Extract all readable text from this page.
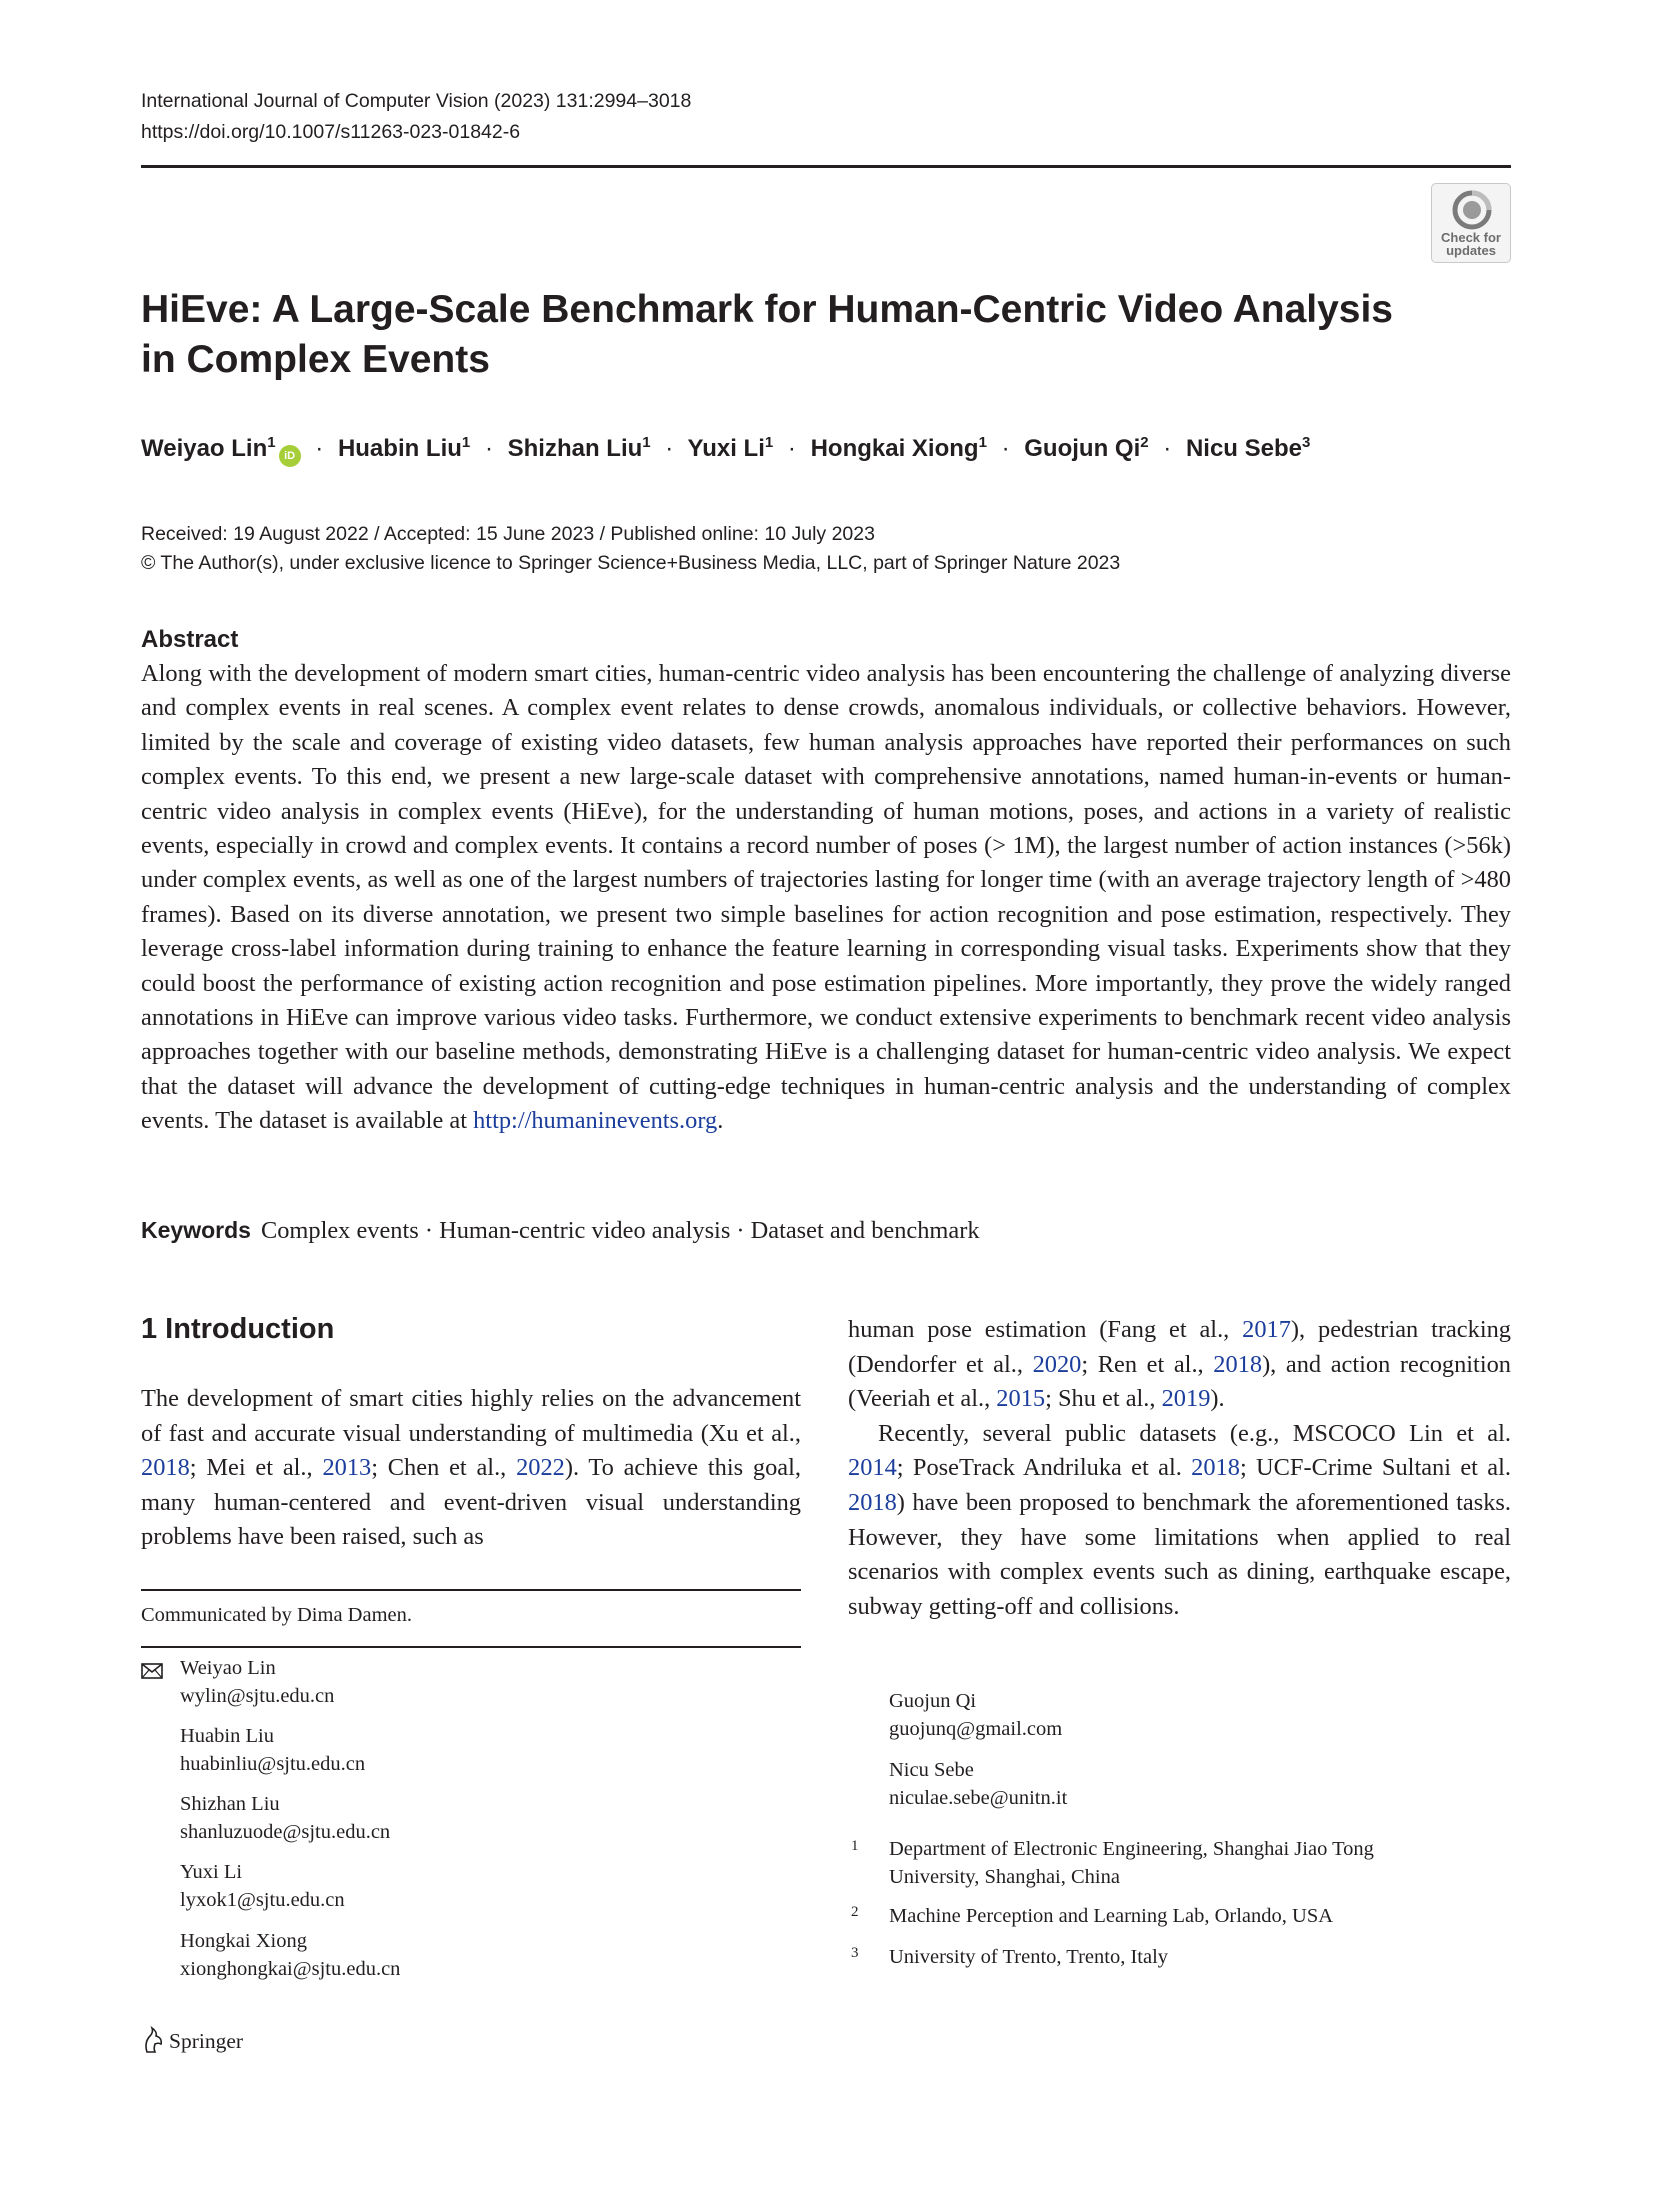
International Journal of Computer Vision (2023) 131:2994–3018
https://doi.org/10.1007/s11263-023-01842-6
Check for
updates
HiEve: A Large-Scale Benchmark for Human-Centric Video Analysis in Complex Events
Weiyao Lin$^1$iD · Huabin Liu$^1$ · Shizhan Liu$^1$ · Yuxi $Li^1$ · Hongkai Xiong$^1$ · Guojun $Qi^2$ · Nicu Sebe$^3$
Received: 19 August 2022 / Accepted: 15 June 2023 / Published online: 10 July 2023
© The Author(s), under exclusive licence to Springer Science+Business Media, LLC, part of Springer Nature 2023
Abstract
Along with the development of modern smart cities, human-centric video analysis has been encountering the challenge of analyzing diverse and complex events in real scenes. A complex event relates to dense crowds, anomalous individuals, or collective behaviors. However, limited by the scale and coverage of existing video datasets, few human analysis approaches have reported their performances on such complex events. To this end, we present a new large-scale dataset with comprehensive annotations, named human-in-events or human-centric video analysis in complex events (HiEve), for the understanding of human motions, poses, and actions in a variety of realistic events, especially in crowd and complex events. It contains a record number of poses (> 1M), the largest number of action instances (>56k) under complex events, as well as one of the largest numbers of trajectories lasting for longer time (with an average trajectory length of >480 frames). Based on its diverse annotation, we present two simple baselines for action recognition and pose estimation, respectively. They leverage cross-label information during training to enhance the feature learning in corresponding visual tasks. Experiments show that they could boost the performance of existing action recognition and pose estimation pipelines. More importantly, they prove the widely ranged annotations in HiEve can improve various video tasks. Furthermore, we conduct extensive experiments to benchmark recent video analysis approaches together with our baseline methods, demonstrating HiEve is a challenging dataset for human-centric video analysis. We expect that the dataset will advance the development of cutting-edge techniques in human-centric analysis and the understanding of complex events. The dataset is available at http://humaninevents.org.
Keywords Complex events · Human-centric video analysis · Dataset and benchmark
1 Introduction
The development of smart cities highly relies on the advancement of fast and accurate visual understanding of multimedia (Xu et al., 2018; Mei et al., 2013; Chen et al., 2022). To achieve this goal, many human-centered and event-driven visual understanding problems have been raised, such as

human pose estimation (Fang et al., 2017), pedestrian tracking (Dendorfer et al., 2020; Ren et al., 2018), and action recognition (Veeriah et al., 2015; Shu et al., 2019).

Recently, several public datasets (e.g., MSCOCO Lin et al. 2014; PoseTrack Andriluka et al. 2018; UCF-Crime Sultani et al. 2018) have been proposed to benchmark the aforementioned tasks. However, they have some limitations when applied to real scenarios with complex events such as dining, earthquake escape, subway getting-off and collisions.

Communicated by Dima Damen.
Weiyao Lin
wylin@sjtu.edu.cn
Huabin Liu
huabinliu@sjtu.edu.cn
Shizhan Liu
shanluzuode@sjtu.edu.cn
Yuxi Li
lyxok1@sjtu.edu.cn
Hongkai Xiong
xionghongkai@sjtu.edu.cn
Guojun Qi
guojunq@gmail.com
Nicu Sebe
niculae.sebe@unitn.it
1 Department of Electronic Engineering, Shanghai Jiao Tong
University, Shanghai, China
2 Machine Perception and Learning Lab, Orlando, USA
3 University of Trento, Trento, Italy
Springer
